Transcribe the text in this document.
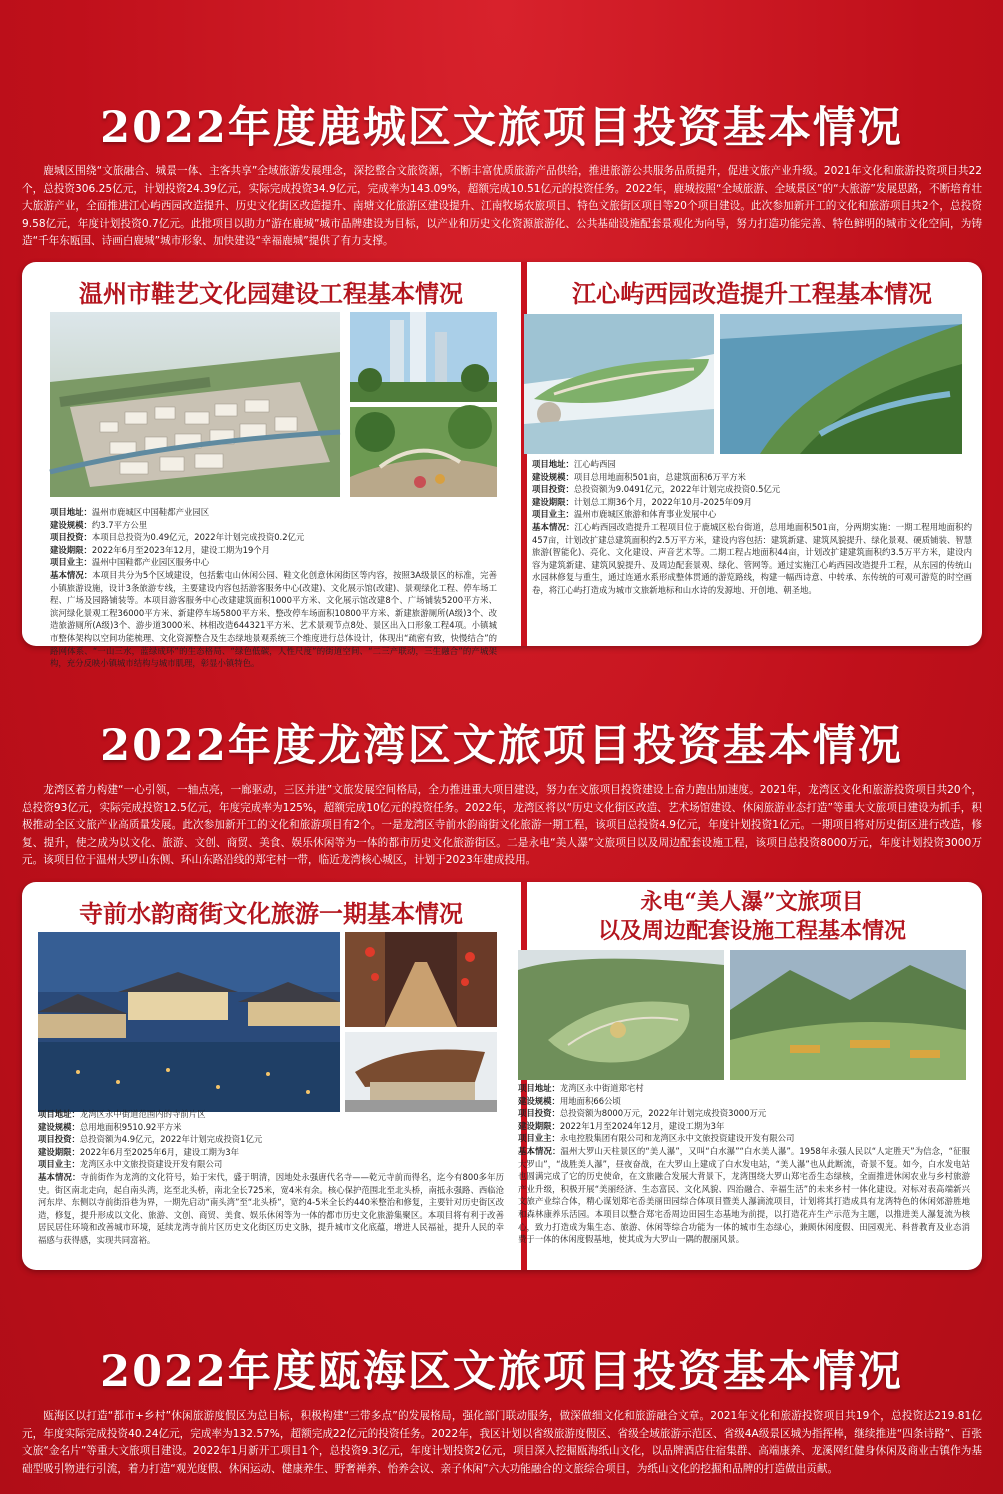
2022年度鹿城区文旅项目投资基本情况
鹿城区围绕“文旅融合、城景一体、主客共享”全域旅游发展理念，深挖整合文旅资源，不断丰富优质旅游产品供给，推进旅游公共服务品质提升，促进文旅产业升级。2021年文化和旅游投资项目共22个，总投资306.25亿元，计划投资24.39亿元，实际完成投资34.9亿元，完成率为143.09%，超额完成10.51亿元的投资任务。2022年，鹿城按照“全域旅游、全域景区”的“大旅游”发展思路，不断培育壮大旅游产业，全面推进江心屿西园改造提升、历史文化街区改造提升、南塘文化旅游区建设提升、江南牧场农旅项目、特色文旅街区项目等20个项目建设。此次参加新开工的文化和旅游项目共2个，总投资9.58亿元，年度计划投资0.7亿元。此批项目以助力“游在鹿城”城市品牌建设为目标，以产业和历史文化资源旅游化、公共基础设施配套景观化为向导，努力打造功能完善、特色鲜明的城市文化空间，为铸造“千年东瓯国、诗画白鹿城”城市形象、加快建设“幸福鹿城”提供了有力支撑。
温州市鞋艺文化园建设工程基本情况

项目地址：温州市鹿城区中国鞋都产业园区

建设规模：约3.7平方公里

项目投资：本项目总投资为0.49亿元，2022年计划完成投资0.2亿元

建设期限：2022年6月至2023年12月，建设工期为19个月

项目业主：温州中国鞋都产业园区服务中心

基本情况：本项目共分为5个区域建设，包括紫屯山休闲公园、鞋文化创意休闲街区等内容，按照3A级景区的标准，完善小镇旅游设施，设计3条旅游专线，主要建设内容包括游客服务中心(改建)、文化展示馆(改建)、景观绿化工程、停车场工程、广场及园路铺装等。本项目游客服务中心改建建筑面积1000平方米、文化展示馆改建8个、广场铺装5200平方米、滨河绿化景观工程36000平方米、新建停车场5800平方米、整改停车场面积10800平方米、新建旅游厕所(A级)3个、改造旅游厕所(A级)3个、游步道3000米、林相改造644321平方米、艺术景观节点8处、景区出入口形象工程4项。小镇城市整体架构以空间功能梳理、文化资源整合及生态绿地景观系统三个维度进行总体设计，体现出“疏密有致，快慢结合”的路网体系、“一山三水，蓝绿成环”的生态格局、“绿色低碳，人性尺度”的街道空间、“二三产联动，三生融合”的产城架构，充分反映小镇城市结构与城市肌理，彰显小镇特色。

江心屿西园改造提升工程基本情况

项目地址：江心屿西园

建设规模：项目总用地面积501亩，总建筑面积6万平方米

项目投资：总投资额为9.0491亿元，2022年计划完成投资0.5亿元

建设期限：计划总工期36个月，2022年10月-2025年09月

项目业主：温州市鹿城区旅游和体育事业发展中心

基本情况：江心屿西园改造提升工程项目位于鹿城区松台街道，总用地面积501亩，分两期实施：一期工程用地面积约457亩，计划改扩建总建筑面积约2.5万平方米，建设内容包括：建筑新建、建筑风貌提升、绿化景观、硬质铺装、智慧旅游(智能化)、亮化、文化建设、声音艺术等。二期工程占地面积44亩，计划改扩建建筑面积约3.5万平方米，建设内容为建筑新建、建筑风貌提升、及周边配套景观、绿化、管网等。通过实施江心屿西园改造提升工程，从东园的传统山水园林修复与重生，通过连通水系形成整体贯通的游览路线，构建一幅西诗意、中转承、东传统的可观可游览的时空画卷，将江心屿打造成为城市文旅新地标和山水诗的发源地、开创地、朝圣地。

2022年度龙湾区文旅项目投资基本情况
龙湾区着力构建“一心引领，一轴点亮，一廊驱动，三区并进”文旅发展空间格局，全力推进重大项目建设，努力在文旅项目投资建设上奋力跑出加速度。2021年，龙湾区文化和旅游投资项目共20个，总投资93亿元，实际完成投资12.5亿元，年度完成率为125%，超额完成10亿元的投资任务。2022年，龙湾区将以“历史文化街区改造、艺术场馆建设、休闲旅游业态打造”等重大文旅项目建设为抓手，积极推动全区文旅产业高质量发展。此次参加新开工的文化和旅游项目有2个。一是龙湾区寺前水韵商街文化旅游一期工程，该项目总投资4.9亿元，年度计划投资1亿元。一期项目将对历史街区进行改造，修复、提升，使之成为以文化、旅游、文创、商贸、美食、娱乐休闲等为一体的都市历史文化旅游街区。二是永电“美人瀑”文旅项目以及周边配套设施工程，该项目总投资8000万元，年度计划投资3000万元。该项目位于温州大罗山东侧、环山东路沿线的郑宅村一带，临近龙湾核心城区，计划于2023年建成投用。
寺前水韵商街文化旅游一期基本情况

项目地址：龙湾区永中街道范围内的寺前片区

建设规模：总用地面积9510.92平方米

项目投资：总投资额为4.9亿元，2022年计划完成投资1亿元

建设期限：2022年6月至2025年6月，建设工期为3年

项目业主：龙湾区永中文旅投资建设开发有限公司

基本情况：寺前街作为龙湾的文化符号，始于宋代，盛于明清，因地处永强唐代名寺——乾元寺前而得名，迄今有800多年历史。街区南北走向，起自南头湾，迄至北头桥，南北全长725米，宽4米有余。核心保护范围北至北头桥，南抵永强路、西临沧河东岸、东侧以寺前街沿巷为界，一期先启动“南头湾”至“北头桥”，宽约4-5米全长约440米整治和修复，主要针对历史街区改造，修复，提升形成以文化、旅游、文创、商贸、美食、娱乐休闲等为一体的都市历史文化旅游集聚区。本项目将有利于改善居民居住环境和改善城市环境，延续龙湾寺前片区历史文化街区历史文脉，提升城市文化底蕴，增进人民福祉，提升人民的幸福感与获得感，实现共同富裕。

永电“美人瀑”文旅项目
以及周边配套设施工程基本情况

项目地址：龙湾区永中街道郑宅村

建设规模：用地面积66公顷

项目投资：总投资额为8000万元，2022年计划完成投资3000万元

建设期限：2022年1月至2024年12月，建设工期为3年

项目业主：永电控股集团有限公司和龙湾区永中文旅投资建设开发有限公司

基本情况：温州大罗山天柱景区的“美人瀑”，又叫“白水瀑”“白水美人瀑”。1958年永强人民以“人定胜天”为信念，“征服大罗山”，“战胜美人瀑”，昼夜奋战，在大罗山上建成了白水发电站，“美人瀑”也从此断流，奇景不复。如今，白水发电站也圆满完成了它的历史使命，在文旅融合发展大背景下，龙湾围绕大罗山郑宅岙生态绿核，全面推进休闲农业与乡村旅游产业升级，积极开展“美丽经济、生态富民、文化风貌、四治融合、幸福生活”的未来乡村一体化建设。对标对表高端新兴文旅产业综合体，精心谋划郑宅岙美丽田园综合体项目暨美人瀑滴流项目，计划将其打造成具有龙湾特色的休闲郊游胜地和森林康养乐活园。本项目以整合郑宅岙周边田园生态基地为前提，以打造花卉生产示范为主题，以推进美人瀑复流为核心，致力打造成为集生态、旅游、休闲等综合功能为一体的城市生态绿心，兼顾休闲度假、田园观光、科普教育及业态消费于一体的休闲度假基地，使其成为大罗山一隅的靓丽风景。

2022年度瓯海区文旅项目投资基本情况
瓯海区以打造“都市+乡村”休闲旅游度假区为总目标，积极构建“三带多点”的发展格局，强化部门联动服务，做深做细文化和旅游融合文章。2021年文化和旅游投资项目共19个，总投资达219.81亿元，年度实际完成投资40.24亿元，完成率为132.57%，超额完成22亿元的投资任务。2022年，我区计划以省级旅游度假区、省级全域旅游示范区、省级4A级景区城为指挥棒，继续推进“四条诗路”、百张文旅“金名片”等重大文旅项目建设。2022年1月新开工项目1个，总投资9.3亿元，年度计划投资2亿元，项目深入挖掘瓯海纸山文化，以品牌酒店住宿集群、高端康养、龙溪网红健身休闲及商业古镇作为基础型吸引物进行引流，着力打造“观光度假、休闲运动、健康养生、野奢禅养、怡养会议、亲子休闲”六大功能融合的文旅综合项目，为纸山文化的挖掘和品牌的打造做出贡献。
